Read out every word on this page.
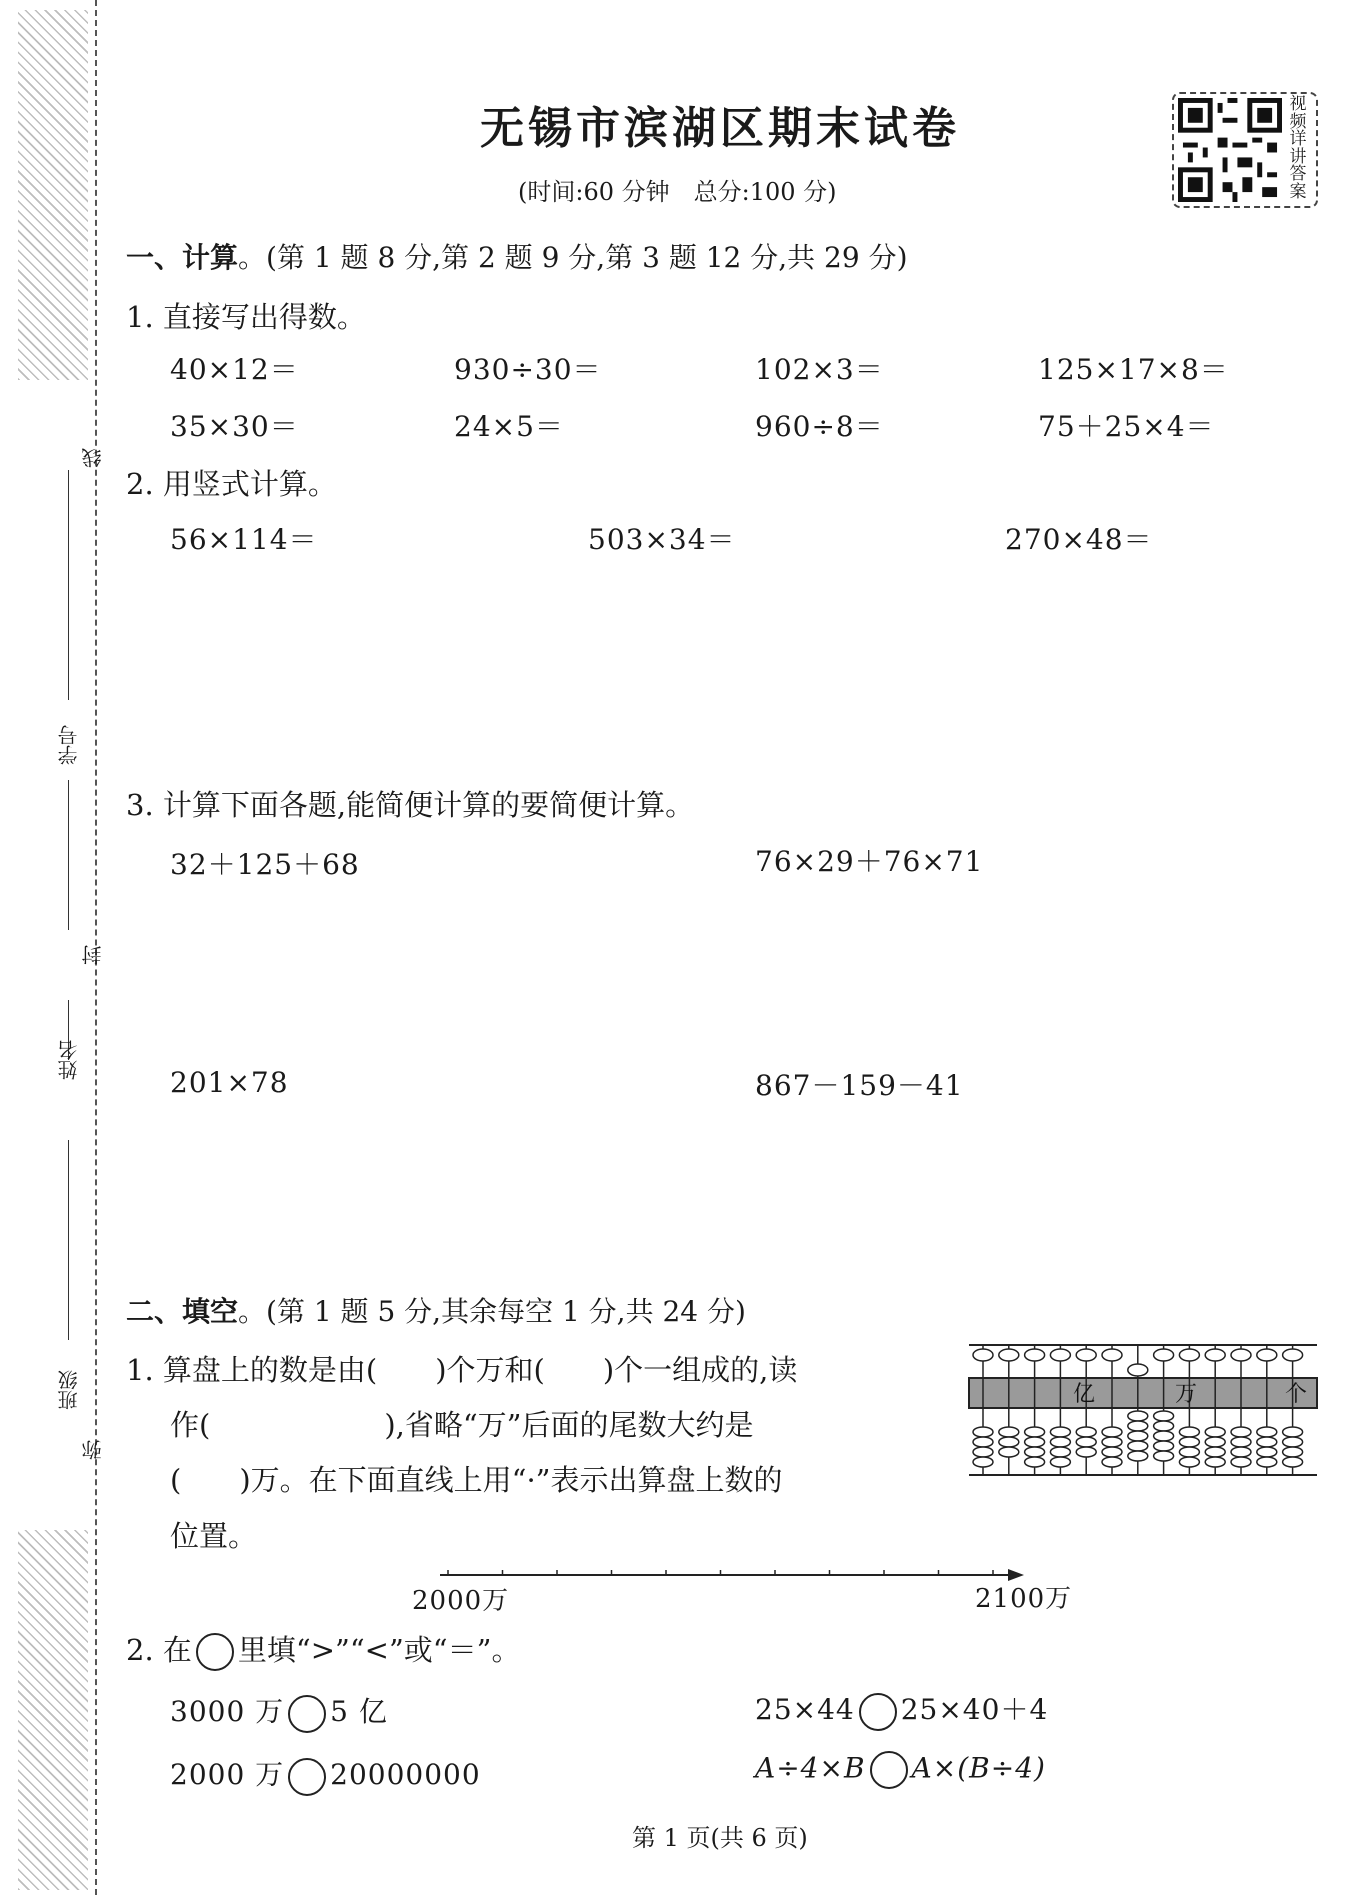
线
学号
封
姓名
班级
弥
无锡市滨湖区期末试卷
(时间:60 分钟　总分:100 分)
视
频
详
讲
答
案
一、计算。(第 1 题 8 分,第 2 题 9 分,第 3 题 12 分,共 29 分)
1. 直接写出得数。
40×12＝	930÷30＝	102×3＝	125×17×8＝
35×30＝	24×5＝	960÷8＝	75＋25×4＝
2. 用竖式计算。
56×114＝	503×34＝	270×48＝
3. 计算下面各题,能简便计算的要简便计算。
32＋125＋68	76×29＋76×71
201×78	867－159－41
二、填空。(第 1 题 5 分,其余每空 1 分,共 24 分)
1. 算盘上的数是由(　　)个万和(　　)个一组成的,读
作(　　　　　　),省略“万”后面的尾数大约是
(　　)万。在下面直线上用“·”表示出算盘上数的
位置。
亿	万	个
2000万	2100万
2. 在 里填“>”“<”或“＝”。
3000 万 5 亿	25×44 25×40＋4
2000 万 20000000	A÷4×B A×(B÷4)
第 1 页(共 6 页)
